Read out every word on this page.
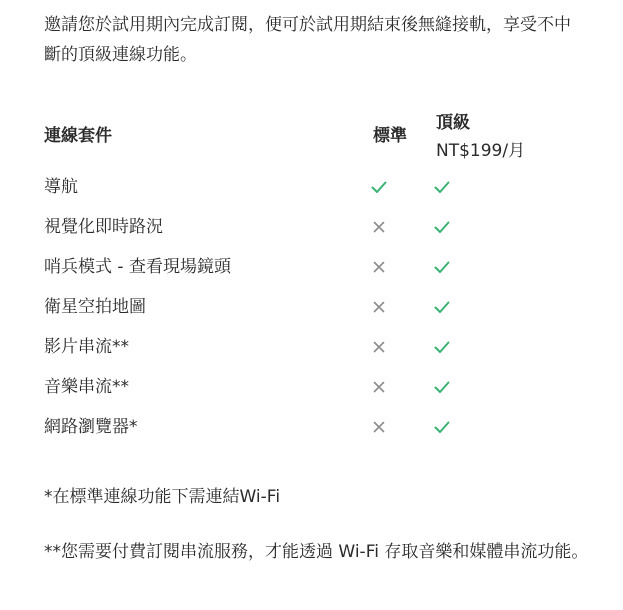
邀請您於試用期內完成訂閱，便可於試用期結束後無縫接軌，享受不中斷的頂級連線功能。

連線套件	標準
頂級
NT$199/月
導航
視覺化即時路況
哨兵模式 - 查看現場鏡頭
衛星空拍地圖
影片串流**
音樂串流**
網路瀏覽器*

*在標準連線功能下需連結Wi-Fi

**您需要付費訂閱串流服務，才能透過 Wi-Fi 存取音樂和媒體串流功能。
